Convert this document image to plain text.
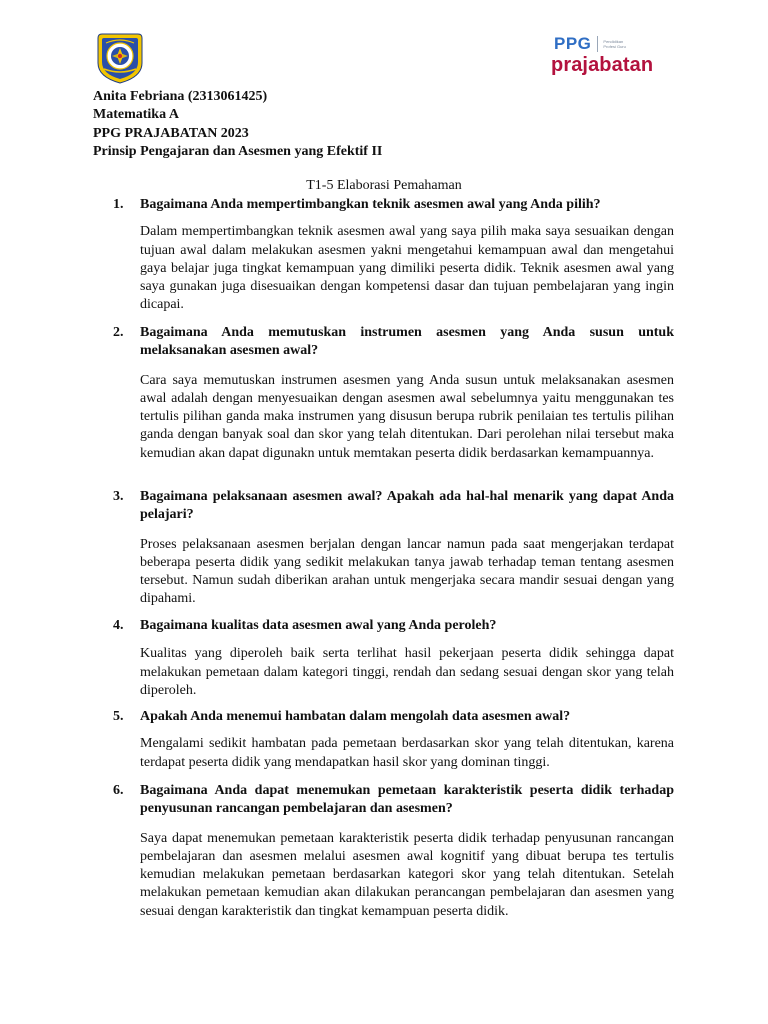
PPG	Pendidikan Profesi Guru
prajabatan
Anita Febriana (2313061425)
Matematika A
PPG PRAJABATAN 2023
Prinsip Pengajaran dan Asesmen yang Efektif II
T1-5 Elaborasi Pemahaman
1.	Bagaimana Anda mempertimbangkan teknik asesmen awal yang Anda pilih?
Dalam mempertimbangkan teknik asesmen awal yang saya pilih maka saya sesuaikan dengan tujuan awal dalam melakukan asesmen yakni mengetahui kemampuan awal dan mengetahui gaya belajar juga tingkat kemampuan yang dimiliki peserta didik. Teknik asesmen awal yang saya gunakan juga disesuaikan dengan kompetensi dasar dan tujuan pembelajaran yang ingin dicapai.
2.	Bagaimana Anda memutuskan instrumen asesmen yang Anda susun untuk melaksanakan asesmen awal?
Cara saya memutuskan instrumen asesmen yang Anda susun untuk melaksanakan asesmen awal adalah dengan menyesuaikan dengan asesmen awal sebelumnya yaitu menggunakan tes tertulis pilihan ganda maka instrumen yang disusun berupa rubrik penilaian tes tertulis pilihan ganda dengan banyak soal dan skor yang telah ditentukan. Dari perolehan nilai tersebut maka kemudian akan dapat digunakn untuk memtakan peserta didik berdasarkan kemampuannya.
3.	Bagaimana pelaksanaan asesmen awal? Apakah ada hal-hal menarik yang dapat Anda pelajari?
Proses pelaksanaan asesmen berjalan dengan lancar namun pada saat mengerjakan terdapat beberapa peserta didik yang sedikit melakukan tanya jawab terhadap teman tentang asesmen tersebut. Namun sudah diberikan arahan untuk mengerjaka secara mandir sesuai dengan yang dipahami.
4.	Bagaimana kualitas data asesmen awal yang Anda peroleh?
Kualitas yang diperoleh baik serta terlihat hasil pekerjaan peserta didik sehingga dapat melakukan pemetaan dalam kategori tinggi, rendah dan sedang sesuai dengan skor yang telah diperoleh.
5.	Apakah Anda menemui hambatan dalam mengolah data asesmen awal?
Mengalami sedikit hambatan pada pemetaan berdasarkan skor yang telah ditentukan, karena terdapat peserta didik yang mendapatkan hasil skor yang dominan tinggi.
6.	Bagaimana Anda dapat menemukan pemetaan karakteristik peserta didik terhadap penyusunan rancangan pembelajaran dan asesmen?
Saya dapat menemukan pemetaan karakteristik peserta didik terhadap penyusunan rancangan pembelajaran dan asesmen melalui asesmen awal kognitif yang dibuat berupa tes tertulis kemudian melakukan pemetaan berdasarkan kategori skor yang telah ditentukan. Setelah melakukan pemetaan kemudian akan dilakukan perancangan pembelajaran dan asesmen yang sesuai dengan karakteristik dan tingkat kemampuan peserta didik.
